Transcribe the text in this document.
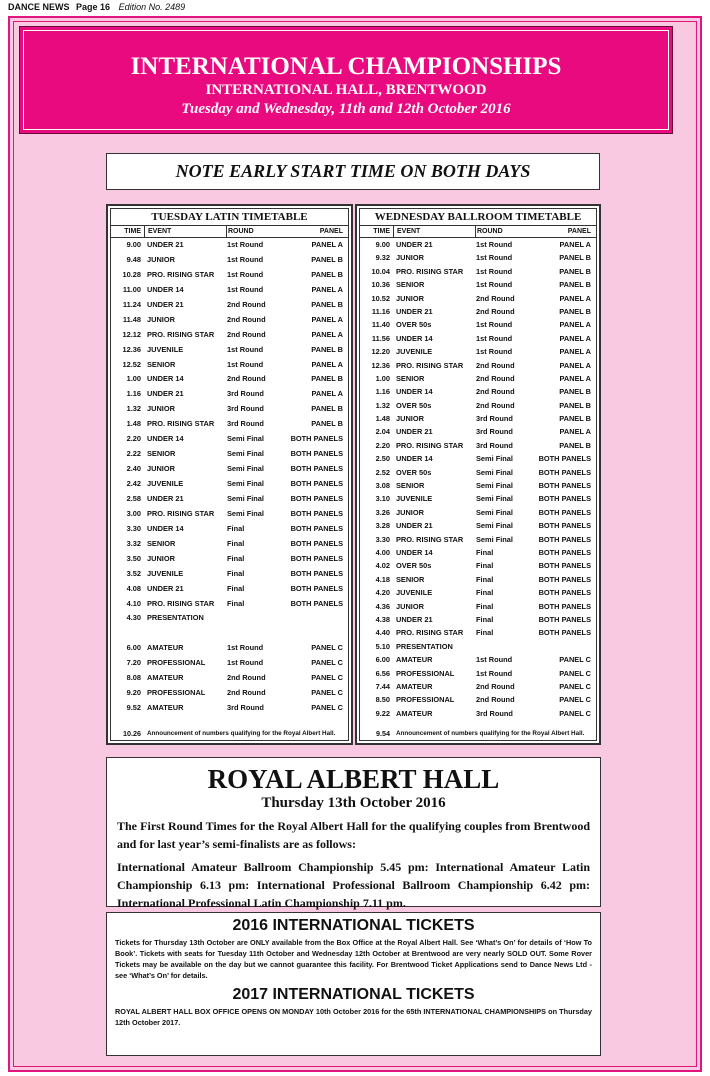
DANCE NEWS Page 16 Edition No. 2489
INTERNATIONAL CHAMPIONSHIPS
INTERNATIONAL HALL, BRENTWOOD
Tuesday and Wednesday, 11th and 12th October 2016
NOTE EARLY START TIME ON BOTH DAYS
TUESDAY LATIN TIMETABLE
TIME	EVENT	ROUND	PANEL
9.00 UNDER 21	1st Round	PANEL A
9.48 JUNIOR	1st Round	PANEL B
10.28 PRO. RISING STAR	1st Round	PANEL B
11.00 UNDER 14	1st Round	PANEL A
11.24 UNDER 21	2nd Round	PANEL B
11.48 JUNIOR	2nd Round	PANEL A
12.12 PRO. RISING STAR	2nd Round	PANEL A
12.36 JUVENILE	1st Round	PANEL B
12.52 SENIOR	1st Round	PANEL A
1.00 UNDER 14	2nd Round	PANEL B
1.16 UNDER 21	3rd Round	PANEL A
1.32 JUNIOR	3rd Round	PANEL B
1.48 PRO. RISING STAR	3rd Round	PANEL B
2.20 UNDER 14	Semi Final	BOTH PANELS
2.22 SENIOR	Semi Final	BOTH PANELS
2.40 JUNIOR	Semi Final	BOTH PANELS
2.42 JUVENILE	Semi Final	BOTH PANELS
2.58 UNDER 21	Semi Final	BOTH PANELS
3.00 PRO. RISING STAR	Semi Final	BOTH PANELS
3.30 UNDER 14	Final	BOTH PANELS
3.32 SENIOR	Final	BOTH PANELS
3.50 JUNIOR	Final	BOTH PANELS
3.52 JUVENILE	Final	BOTH PANELS
4.08 UNDER 21	Final	BOTH PANELS
4.10 PRO. RISING STAR	Final	BOTH PANELS
4.30 PRESENTATION
6.00 AMATEUR	1st Round	PANEL C
7.20 PROFESSIONAL	1st Round	PANEL C
8.08 AMATEUR	2nd Round	PANEL C
9.20 PROFESSIONAL	2nd Round	PANEL C
9.52 AMATEUR	3rd Round	PANEL C
10.26 Announcement of numbers qualifying for the Royal Albert Hall.
WEDNESDAY BALLROOM TIMETABLE
TIME	EVENT	ROUND	PANEL
9.00 UNDER 21	1st Round	PANEL A
9.32 JUNIOR	1st Round	PANEL B
10.04 PRO. RISING STAR	1st Round	PANEL B
10.36 SENIOR	1st Round	PANEL B
10.52 JUNIOR	2nd Round	PANEL A
11.16 UNDER 21	2nd Round	PANEL B
11.40 OVER 50s	1st Round	PANEL A
11.56 UNDER 14	1st Round	PANEL A
12.20 JUVENILE	1st Round	PANEL A
12.36 PRO. RISING STAR	2nd Round	PANEL A
1.00 SENIOR	2nd Round	PANEL A
1.16 UNDER 14	2nd Round	PANEL B
1.32 OVER 50s	2nd Round	PANEL B
1.48 JUNIOR	3rd Round	PANEL B
2.04 UNDER 21	3rd Round	PANEL A
2.20 PRO. RISING STAR	3rd Round	PANEL B
2.50 UNDER 14	Semi Final	BOTH PANELS
2.52 OVER 50s	Semi Final	BOTH PANELS
3.08 SENIOR	Semi Final	BOTH PANELS
3.10 JUVENILE	Semi Final	BOTH PANELS
3.26 JUNIOR	Semi Final	BOTH PANELS
3.28 UNDER 21	Semi Final	BOTH PANELS
3.30 PRO. RISING STAR	Semi Final	BOTH PANELS
4.00 UNDER 14	Final	BOTH PANELS
4.02 OVER 50s	Final	BOTH PANELS
4.18 SENIOR	Final	BOTH PANELS
4.20 JUVENILE	Final	BOTH PANELS
4.36 JUNIOR	Final	BOTH PANELS
4.38 UNDER 21	Final	BOTH PANELS
4.40 PRO. RISING STAR	Final	BOTH PANELS
5.10 PRESENTATION
6.00 AMATEUR	1st Round	PANEL C
6.56 PROFESSIONAL	1st Round	PANEL C
7.44 AMATEUR	2nd Round	PANEL C
8.50 PROFESSIONAL	2nd Round	PANEL C
9.22 AMATEUR	3rd Round	PANEL C
9.54 Announcement of numbers qualifying for the Royal Albert Hall.
ROYAL ALBERT HALL
Thursday 13th October 2016
The First Round Times for the Royal Albert Hall for the qualifying couples from Brentwood and for last year’s semi-finalists are as follows:
International Amateur Ballroom Championship 5.45 pm: International Amateur Latin Championship 6.13 pm: International Professional Ballroom Championship 6.42 pm: International Professional Latin Championship 7.11 pm.
2016 INTERNATIONAL TICKETS
Tickets for Thursday 13th October are ONLY available from the Box Office at the Royal Albert Hall. See ‘What’s On’ for details of ‘How To Book’. Tickets with seats for Tuesday 11th October and Wednesday 12th October at Brentwood are very nearly SOLD OUT. Some Rover Tickets may be available on the day but we cannot guarantee this facility. For Brentwood Ticket Applications send to Dance News Ltd - see ‘What’s On’ for details.
2017 INTERNATIONAL TICKETS
ROYAL ALBERT HALL BOX OFFICE OPENS ON MONDAY 10th October 2016 for the 65th INTERNATIONAL CHAMPIONSHIPS on Thursday 12th October 2017.
